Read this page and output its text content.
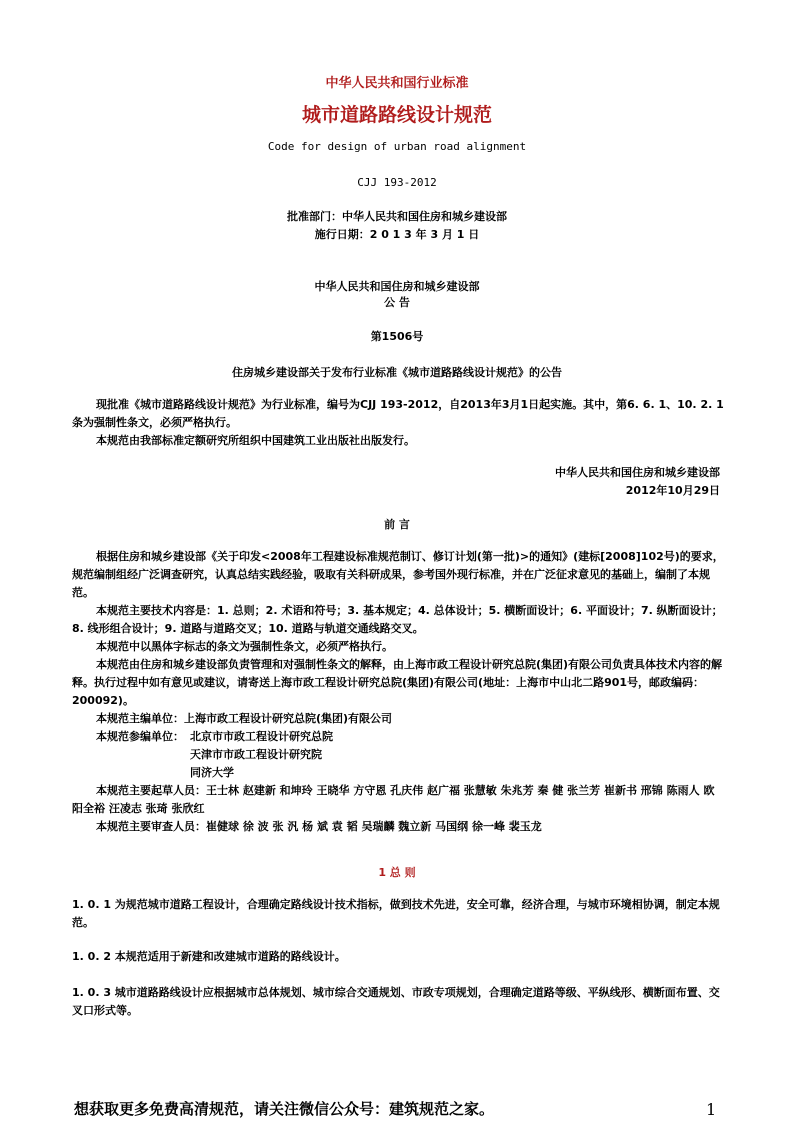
中华人民共和国行业标准
城市道路路线设计规范
Code for design of urban road alignment
CJJ 193-2012
批准部门：中华人民共和国住房和城乡建设部
施行日期：2 0 1 3 年 3 月 1 日
中华人民共和国住房和城乡建设部
公 告
第1506号
住房城乡建设部关于发布行业标准《城市道路路线设计规范》的公告
现批准《城市道路路线设计规范》为行业标准，编号为CJJ 193-2012，自2013年3月1日起实施。其中，第6. 6. 1、10. 2. 1条为强制性条文，必须严格执行。
本规范由我部标准定额研究所组织中国建筑工业出版社出版发行。
中华人民共和国住房和城乡建设部
2012年10月29日
前 言
根据住房和城乡建设部《关于印发<2008年工程建设标准规范制订、修订计划(第一批)>的通知》(建标[2008]102号)的要求，规范编制组经广泛调查研究，认真总结实践经验，吸取有关科研成果，参考国外现行标准，并在广泛征求意见的基础上，编制了本规范。
本规范主要技术内容是：1. 总则；2. 术语和符号；3. 基本规定；4. 总体设计；5. 横断面设计；6. 平面设计；7. 纵断面设计；8. 线形组合设计；9. 道路与道路交叉；10. 道路与轨道交通线路交叉。
本规范中以黑体字标志的条文为强制性条文，必须严格执行。
本规范由住房和城乡建设部负责管理和对强制性条文的解释，由上海市政工程设计研究总院(集团)有限公司负责具体技术内容的解释。执行过程中如有意见或建议，请寄送上海市政工程设计研究总院(集团)有限公司(地址：上海市中山北二路901号，邮政编码：200092)。
本规范主编单位：上海市政工程设计研究总院(集团)有限公司
本规范参编单位： 北京市市政工程设计研究总院
天津市市政工程设计研究院
同济大学
本规范主要起草人员：王士林 赵建新 和坤玲 王晓华 方守恩 孔庆伟 赵广福 张慧敏 朱兆芳 秦 健 张兰芳 崔新书 邢锦 陈雨人 欧阳全裕 汪凌志 张琦 张欣红
本规范主要审查人员：崔健球 徐 波 张 汎 杨 斌 袁 韬 吴瑞麟 魏立新 马国纲 徐一峰 裴玉龙
1 总 则
1. 0. 1 为规范城市道路工程设计，合理确定路线设计技术指标，做到技术先进，安全可靠，经济合理，与城市环境相协调，制定本规范。
1. 0. 2 本规范适用于新建和改建城市道路的路线设计。
1. 0. 3 城市道路路线设计应根据城市总体规划、城市综合交通规划、市政专项规划，合理确定道路等级、平纵线形、横断面布置、交叉口形式等。
想获取更多免费高清规范，请关注微信公众号：建筑规范之家。	1
